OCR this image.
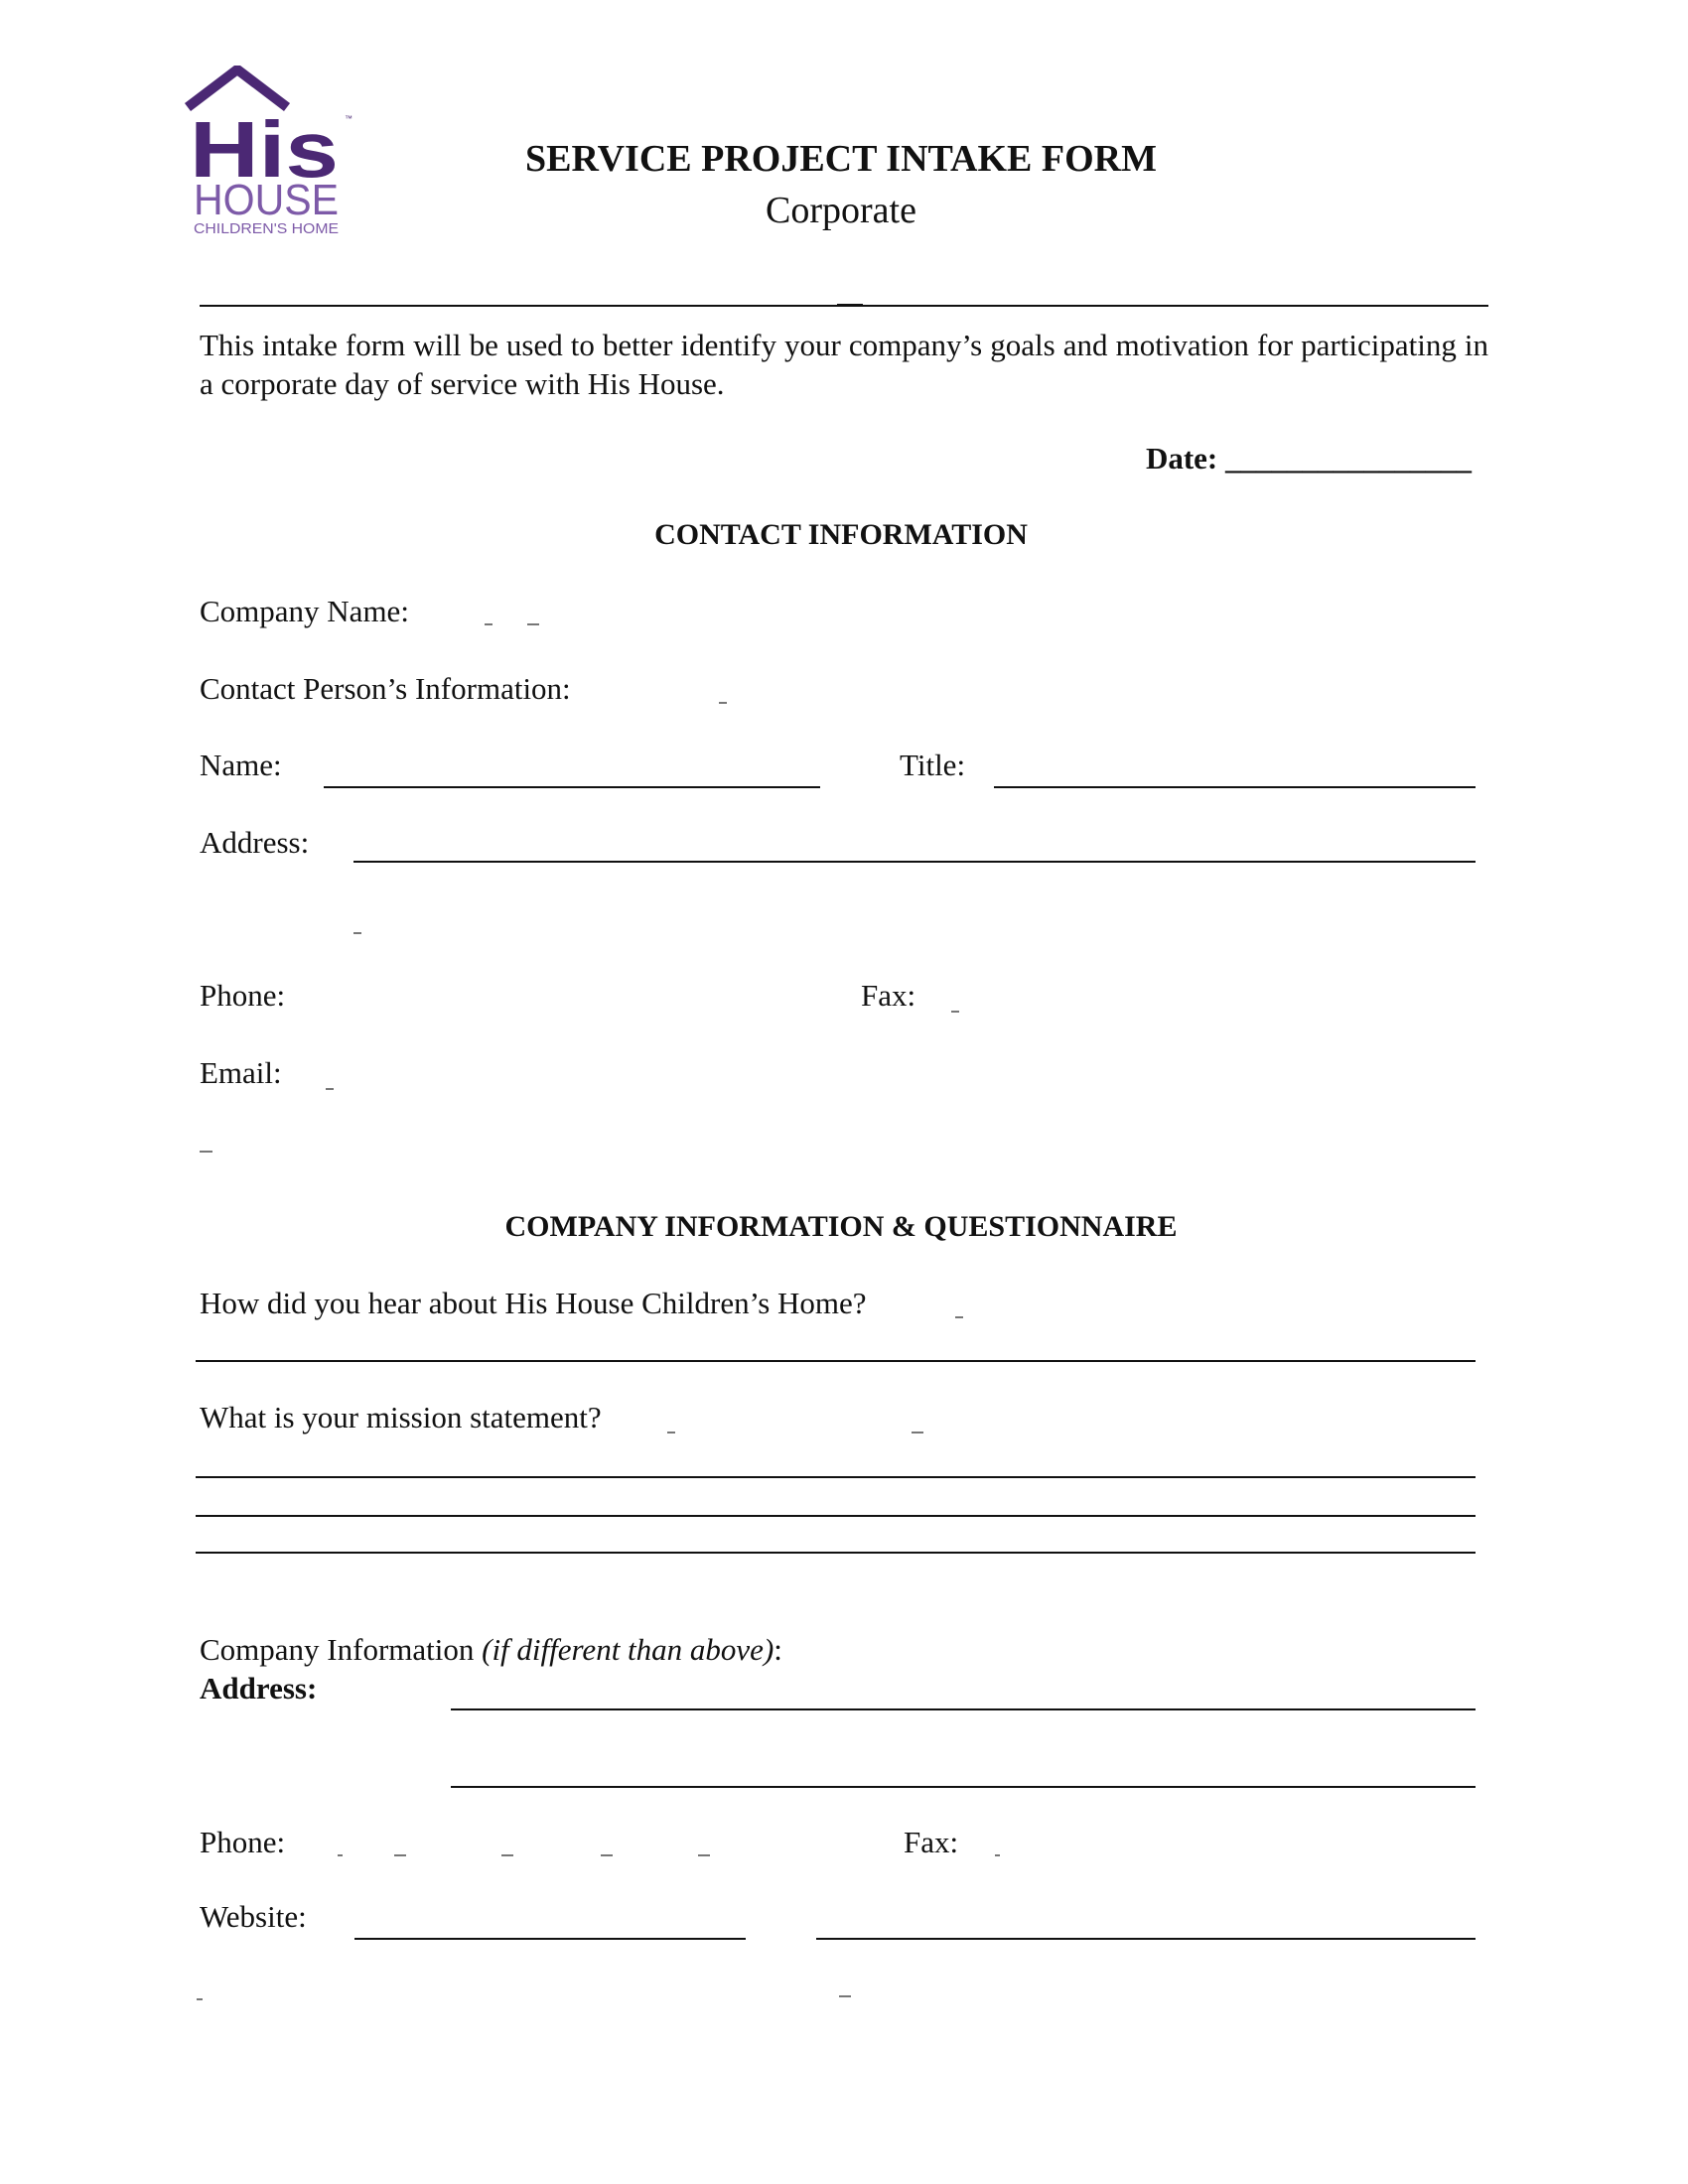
His ™
HOUSE
CHILDREN'S HOME
SERVICE PROJECT INTAKE FORM
Corporate
This intake form will be used to better identify your company’s goals and motivation for participating in a corporate day of service with His House.
Date: ________________
CONTACT INFORMATION
Company Name:
Contact Person’s Information:
Name:	Title:
Address:
Phone:	Fax:
Email:
COMPANY INFORMATION & QUESTIONNAIRE
How did you hear about His House Children’s Home?
What is your mission statement?
Company Information (if different than above):
Address:
Phone:	Fax:
Website:
